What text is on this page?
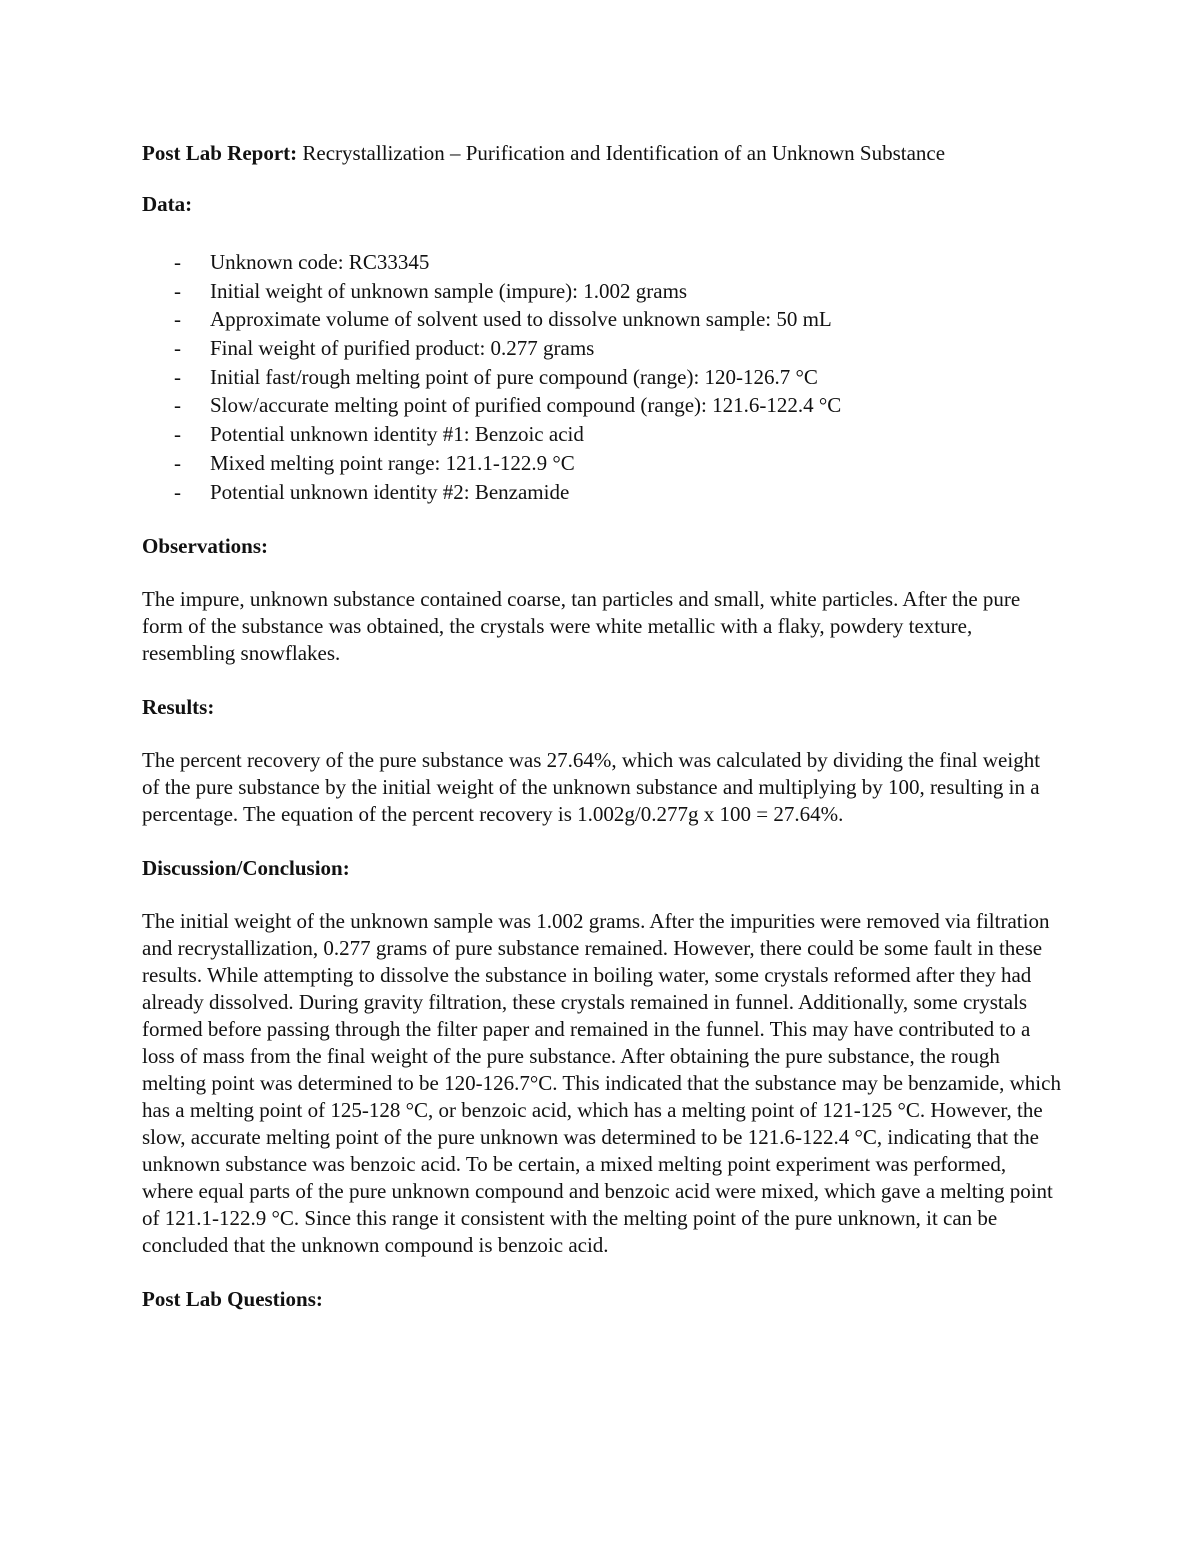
Post Lab Report: Recrystallization – Purification and Identification of an Unknown Substance

Data:

- Unknown code: RC33345
- Initial weight of unknown sample (impure): 1.002 grams
- Approximate volume of solvent used to dissolve unknown sample: 50 mL
- Final weight of purified product: 0.277 grams
- Initial fast/rough melting point of pure compound (range): 120-126.7 °C
- Slow/accurate melting point of purified compound (range): 121.6-122.4 °C
- Potential unknown identity #1: Benzoic acid
- Mixed melting point range: 121.1-122.9 °C
- Potential unknown identity #2: Benzamide

Observations:

The impure, unknown substance contained coarse, tan particles and small, white particles. After the pure form of the substance was obtained, the crystals were white metallic with a flaky, powdery texture, resembling snowflakes.

Results:

The percent recovery of the pure substance was 27.64%, which was calculated by dividing the final weight of the pure substance by the initial weight of the unknown substance and multiplying by 100, resulting in a percentage. The equation of the percent recovery is 1.002g/0.277g x 100 = 27.64%.

Discussion/Conclusion:

The initial weight of the unknown sample was 1.002 grams. After the impurities were removed via filtration and recrystallization, 0.277 grams of pure substance remained. However, there could be some fault in these results. While attempting to dissolve the substance in boiling water, some crystals reformed after they had already dissolved. During gravity filtration, these crystals remained in funnel. Additionally, some crystals formed before passing through the filter paper and remained in the funnel. This may have contributed to a loss of mass from the final weight of the pure substance. After obtaining the pure substance, the rough melting point was determined to be 120-126.7°C. This indicated that the substance may be benzamide, which has a melting point of 125-128 °C, or benzoic acid, which has a melting point of 121-125 °C. However, the slow, accurate melting point of the pure unknown was determined to be 121.6-122.4 °C, indicating that the unknown substance was benzoic acid. To be certain, a mixed melting point experiment was performed, where equal parts of the pure unknown compound and benzoic acid were mixed, which gave a melting point of 121.1-122.9 °C. Since this range it consistent with the melting point of the pure unknown, it can be concluded that the unknown compound is benzoic acid.

Post Lab Questions:
